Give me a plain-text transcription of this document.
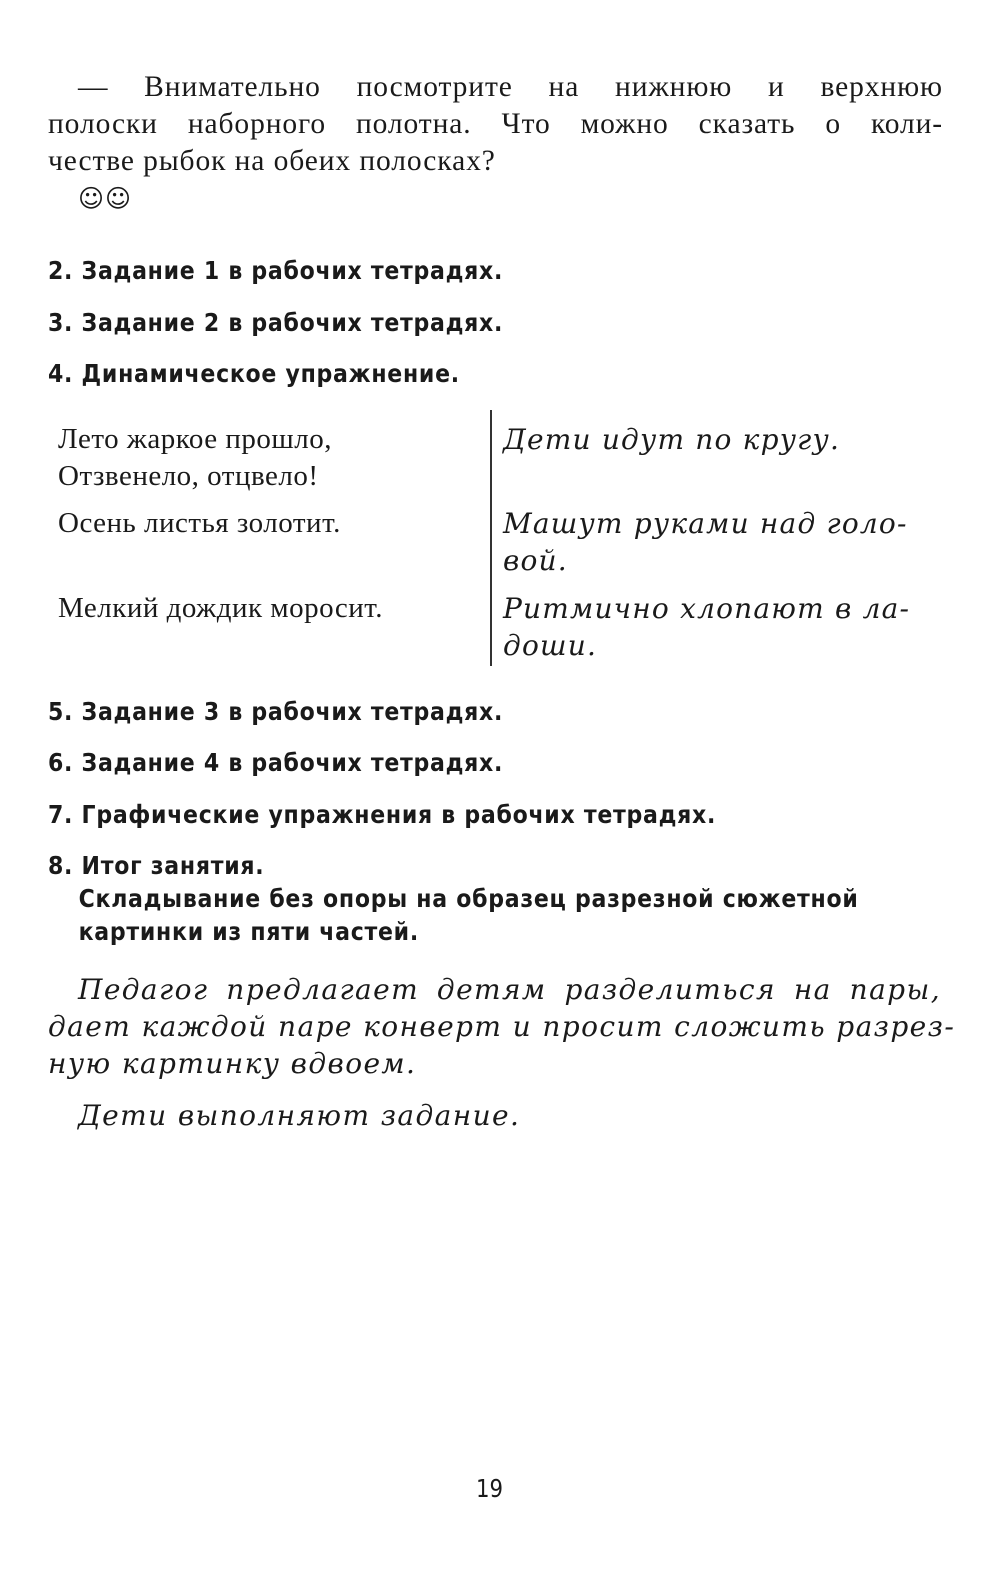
— Внимательно посмотрите на нижнюю и верхнюю
полоски наборного полотна. Что можно сказать о коли-
честве рыбок на обеих полосках?

☺☺
2. Задание 1 в рабочих тетрадях.
3. Задание 2 в рабочих тетрадях.
4. Динамическое упражнение.

Лето жаркое прошло,
Отзвенело, отцвело!

Дети идут по кругу.

Осень листья золотит.	Машут руками над голо-
вой.

Мелкий дождик моросит.	Ритмично хлопают в ла-
доши.

5. Задание 3 в рабочих тетрадях.
6. Задание 4 в рабочих тетрадях.
7. Графические упражнения в рабочих тетрадях.
8. Итог занятия.
Складывание без опоры на образец разрезной сюжетной
картинки из пяти частей.

Педагог предлагает детям разделиться на пары,
дает каждой паре конверт и просит сложить разрез-
ную картинку вдвоем.

Дети выполняют задание.

19
